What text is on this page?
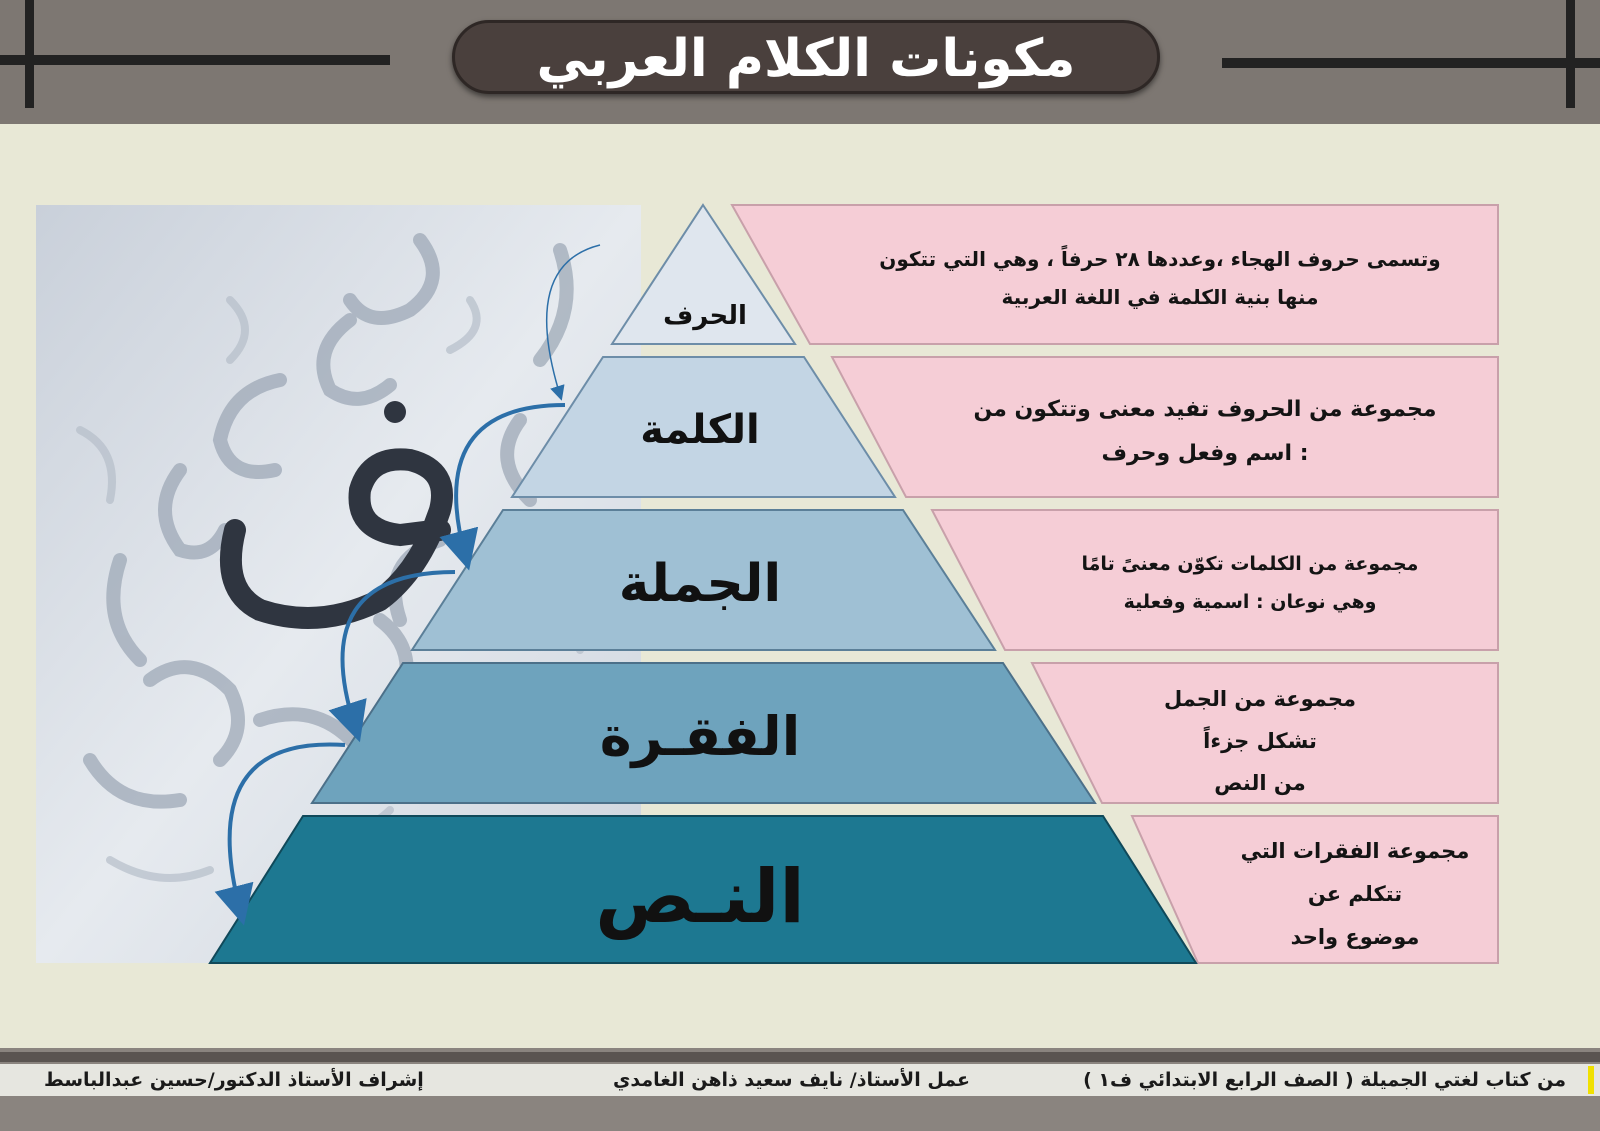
مكونات الكلام العربي
الحرف
الكلمة
الجملة
الفقـرة
النـص
وتسمى حروف الهجاء ،وعددها ٢٨ حرفاً ، وهي التي تتكون
منها بنية الكلمة في اللغة العربية
مجموعة من الحروف تفيد معنى وتتكون من
: اسم وفعل وحرف
مجموعة من الكلمات تكوّن معنىً تامًا
وهي نوعان : اسمية وفعلية
مجموعة من الجمل
تشكل جزءاً
من النص
مجموعة الفقرات التي
تتكلم عن
موضوع واحد
من كتاب لغتي الجميلة ( الصف الرابع الابتدائي ف١ )
عمل الأستاذ/ نايف سعيد ذاهن الغامدي
إشراف الأستاذ الدكتور/حسين عبدالباسط
